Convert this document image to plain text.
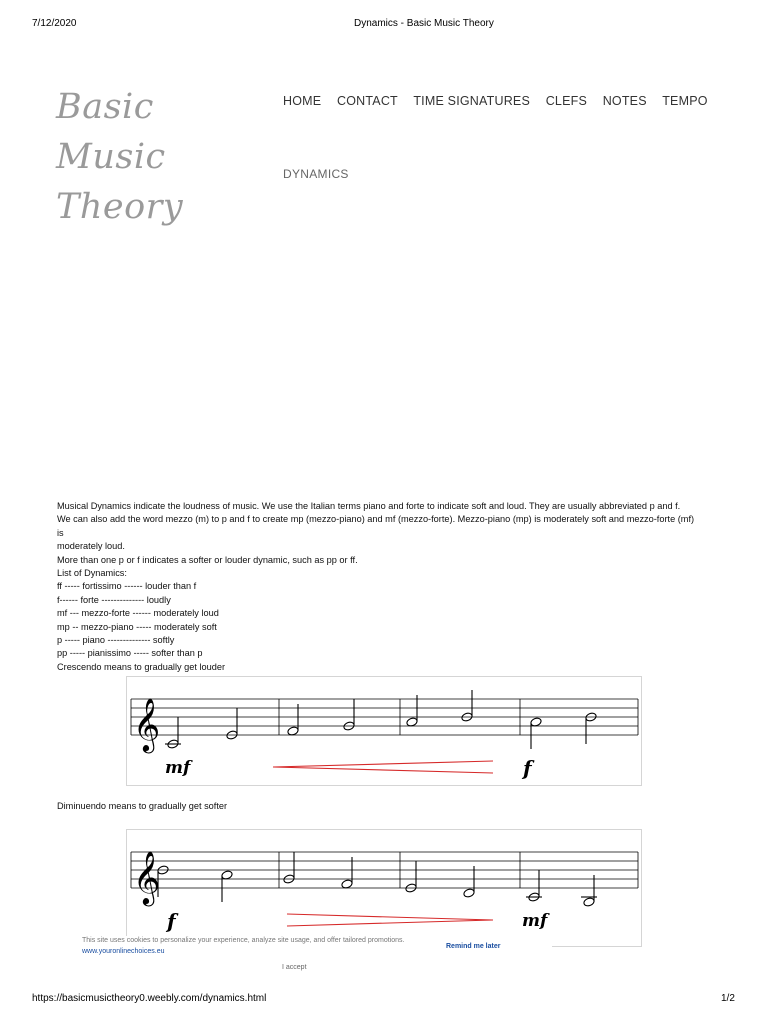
7/12/2020	Dynamics - Basic Music Theory
Basic Music
Theory
HOME CONTACT TIME SIGNATURES CLEFS NOTES TEMPO
DYNAMICS

Musical Dynamics indicate the loudness of music. We use the Italian terms piano and forte to indicate soft and loud. They are usually abbreviated p and f.

We can also add the word mezzo (m) to p and f to create mp (mezzo-piano) and mf (mezzo-forte). Mezzo-piano (mp) is moderately soft and mezzo-forte (mf) is

moderately loud.

More than one p or f indicates a softer or louder dynamic, such as pp or ff.

List of Dynamics:

ff ----- fortissimo ------ louder than f

f------ forte -------------- loudly

mf --- mezzo-forte ------ moderately loud

mp -- mezzo-piano ----- moderately soft

p ----- piano -------------- softly

pp ----- pianissimo ----- softer than p

Crescendo means to gradually get louder

𝄞
mf	f
Diminuendo means to gradually get softer
𝄞
f	mf
This site uses cookies to personalize your experience, analyze site usage, and offer tailored promotions.
www.youronlinechoices.eu
Remind me later
I accept
https://basicmusictheory0.weebly.com/dynamics.html	1/2
